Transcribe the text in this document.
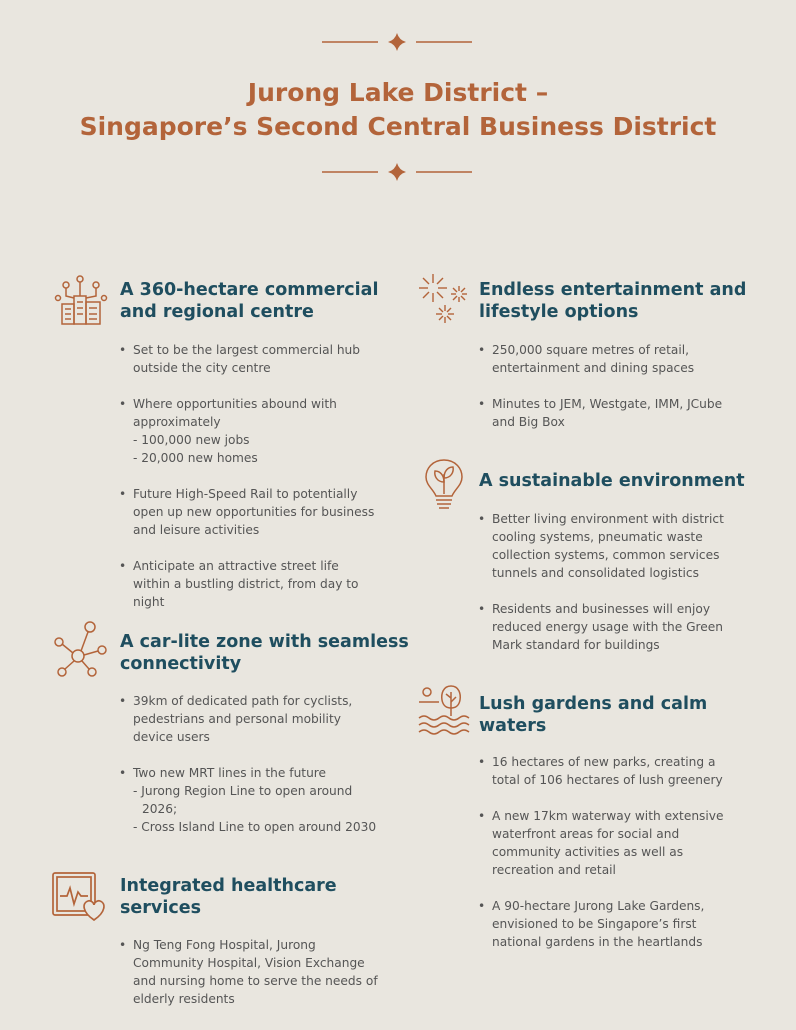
Jurong Lake District –
Singapore’s Second Central Business District
A 360-hectare commercial and regional centre
• Set to be the largest commercial hub outside the city centre
• Where opportunities abound with approximately
- 100,000 new jobs
- 20,000 new homes
• Future High-Speed Rail to potentially open up new opportunities for business and leisure activities
• Anticipate an attractive street life within a bustling district, from day to night
A car-lite zone with seamless connectivity
• 39km of dedicated path for cyclists, pedestrians and personal mobility device users
• Two new MRT lines in the future
- Jurong Region Line to open around 2026;
- Cross Island Line to open around 2030
Integrated healthcare services
• Ng Teng Fong Hospital, Jurong Community Hospital, Vision Exchange and nursing home to serve the needs of elderly residents
Endless entertainment and lifestyle options
• 250,000 square metres of retail, entertainment and dining spaces
• Minutes to JEM, Westgate, IMM, JCube and Big Box
A sustainable environment
• Better living environment with district cooling systems, pneumatic waste collection systems, common services tunnels and consolidated logistics
• Residents and businesses will enjoy reduced energy usage with the Green Mark standard for buildings
Lush gardens and calm waters
• 16 hectares of new parks, creating a total of 106 hectares of lush greenery
• A new 17km waterway with extensive waterfront areas for social and community activities as well as recreation and retail
• A 90-hectare Jurong Lake Gardens, envisioned to be Singapore’s first national gardens in the heartlands
